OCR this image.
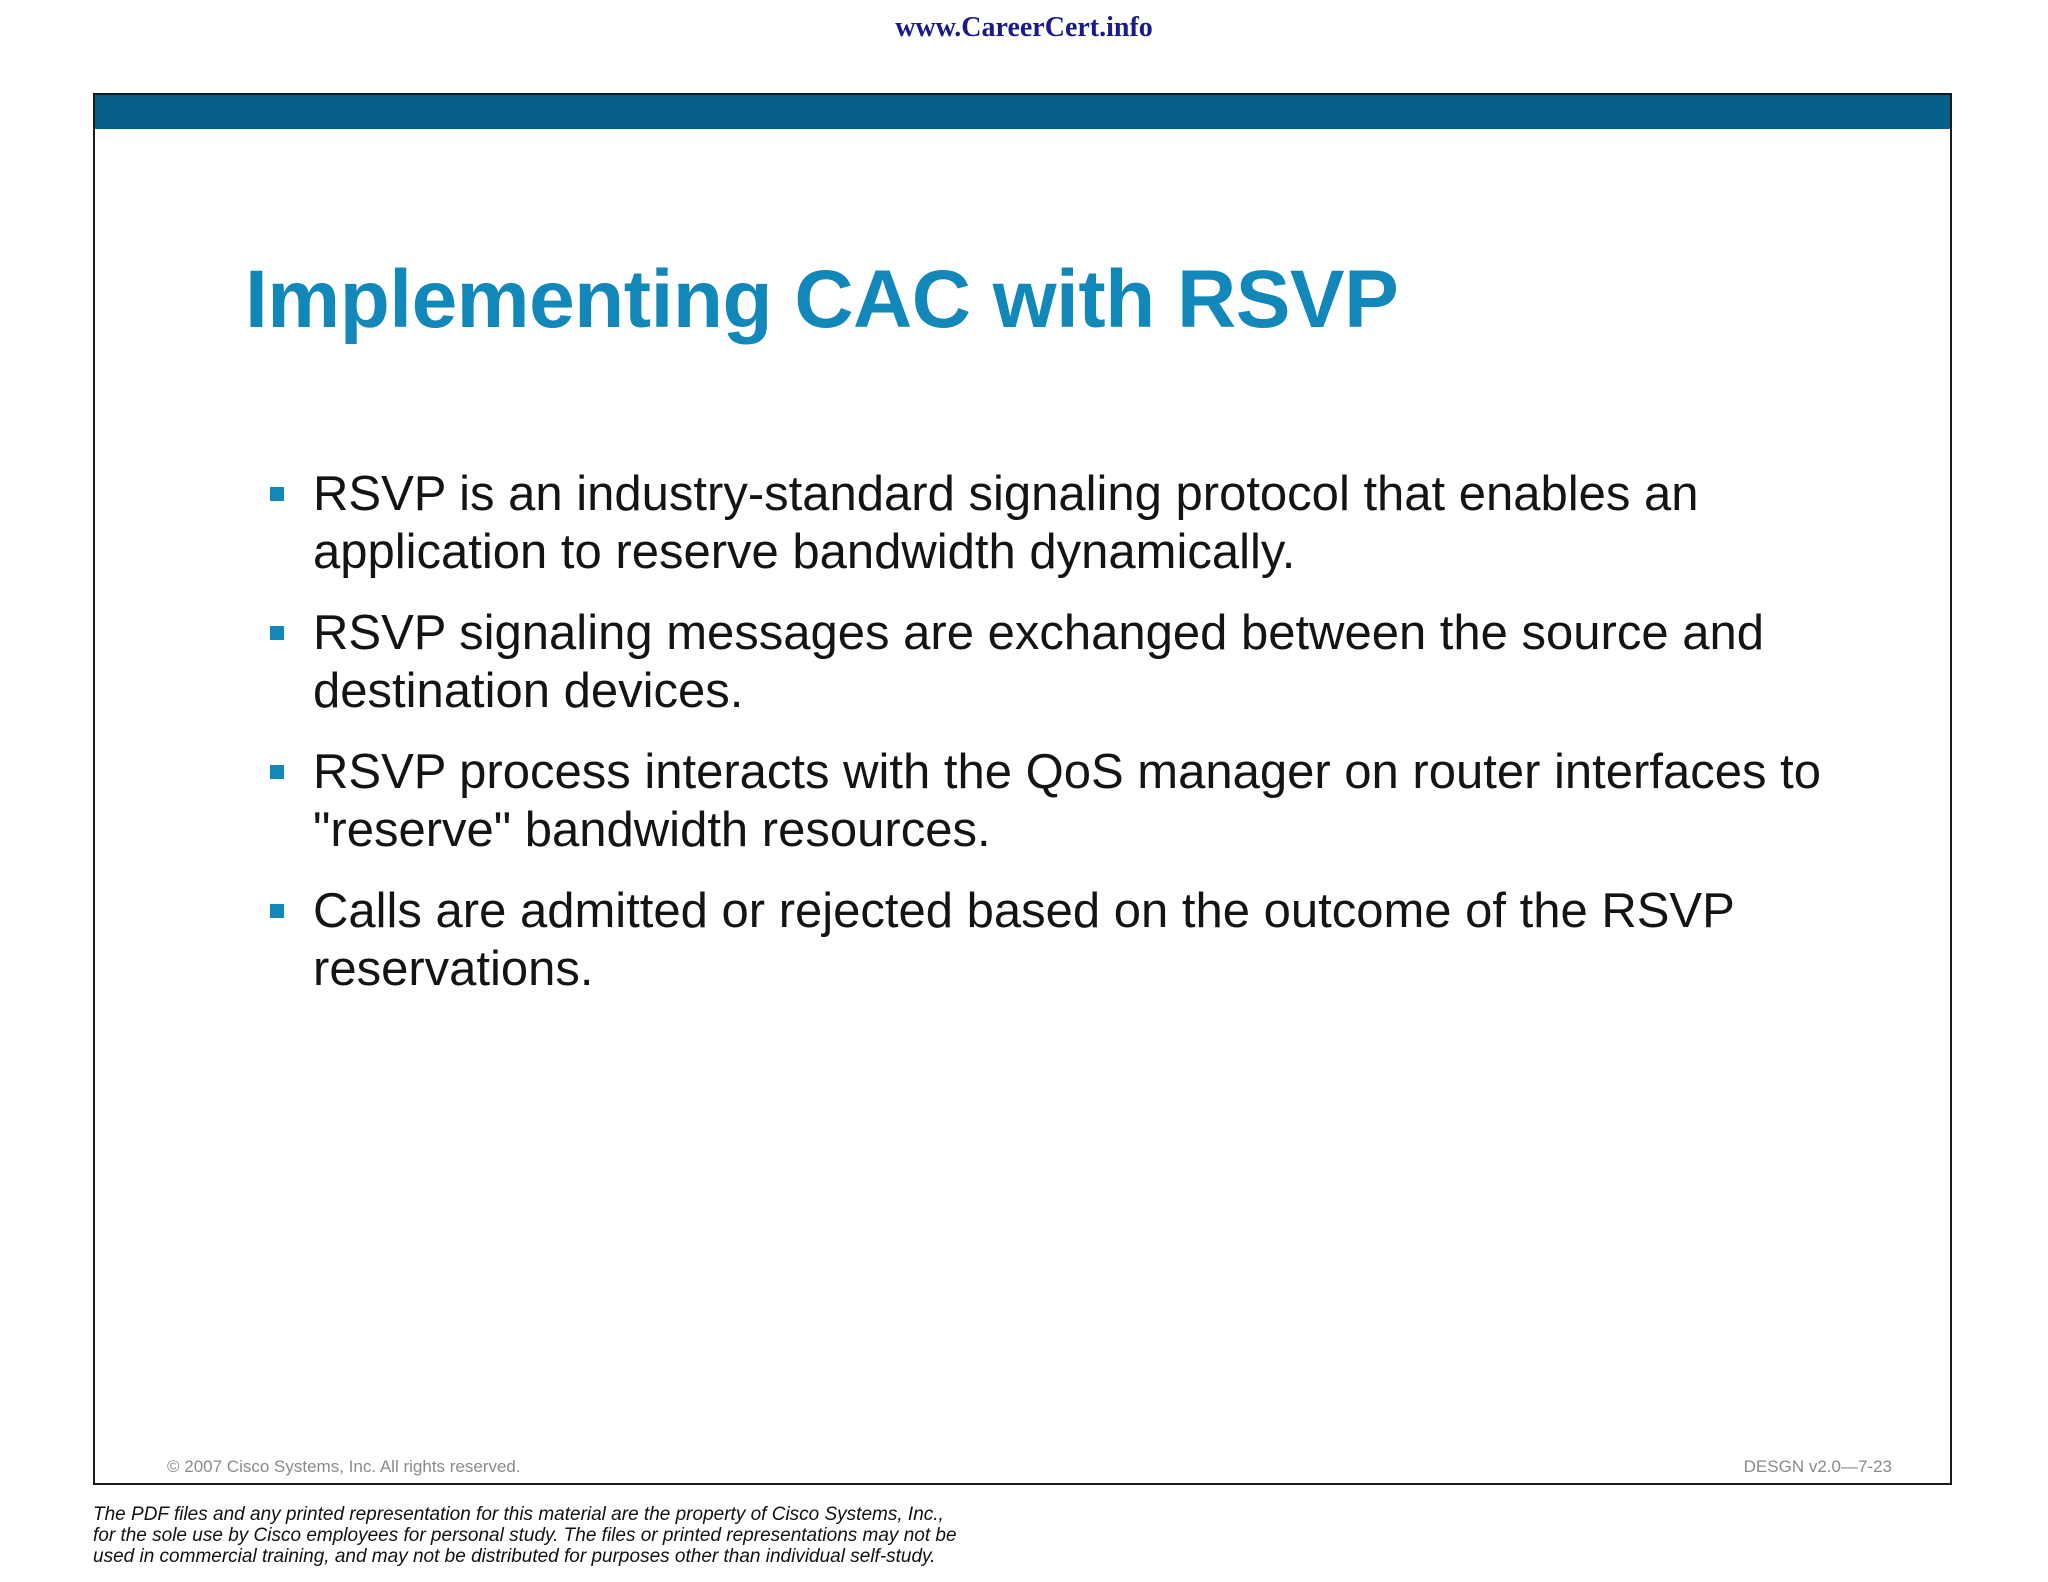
www.CareerCert.info
Implementing CAC with RSVP
RSVP is an industry-standard signaling protocol that enables an application to reserve bandwidth dynamically.
RSVP signaling messages are exchanged between the source and destination devices.
RSVP process interacts with the QoS manager on router interfaces to "reserve" bandwidth resources.
Calls are admitted or rejected based on the outcome of the RSVP reservations.
© 2007 Cisco Systems, Inc. All rights reserved.	DESGN v2.0—7-23
The PDF files and any printed representation for this material are the property of Cisco Systems, Inc.,
for the sole use by Cisco employees for personal study. The files or printed representations may not be
used in commercial training, and may not be distributed for purposes other than individual self-study.
